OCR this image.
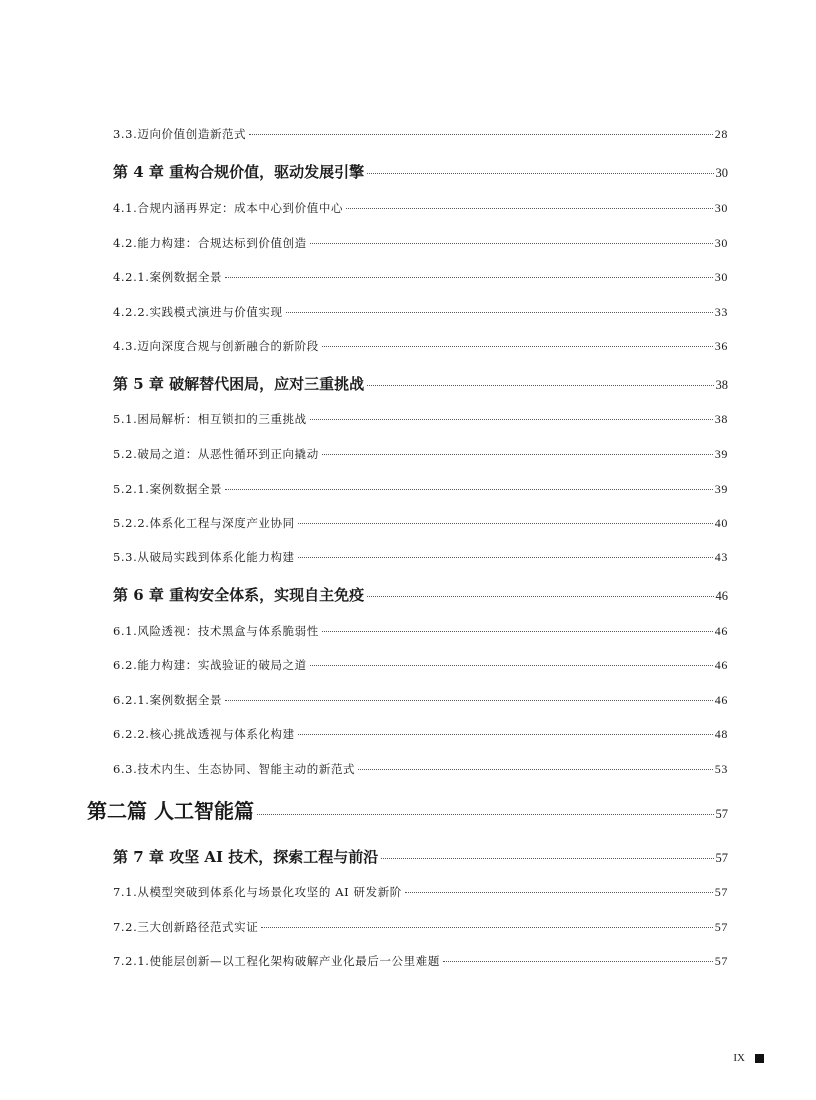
3.3.迈向价值创造新范式	28
第 4 章 重构合规价值，驱动发展引擎	30
4.1.合规内涵再界定：成本中心到价值中心	30
4.2.能力构建：合规达标到价值创造	30
4.2.1.案例数据全景	30
4.2.2.实践模式演进与价值实现	33
4.3.迈向深度合规与创新融合的新阶段	36
第 5 章 破解替代困局，应对三重挑战	38
5.1.困局解析：相互锁扣的三重挑战	38
5.2.破局之道：从恶性循环到正向撬动	39
5.2.1.案例数据全景	39
5.2.2.体系化工程与深度产业协同	40
5.3.从破局实践到体系化能力构建	43
第 6 章 重构安全体系，实现自主免疫	46
6.1.风险透视：技术黑盒与体系脆弱性	46
6.2.能力构建：实战验证的破局之道	46
6.2.1.案例数据全景	46
6.2.2.核心挑战透视与体系化构建	48
6.3.技术内生、生态协同、智能主动的新范式	53
第二篇 人工智能篇	57
第 7 章 攻坚 AI 技术，探索工程与前沿	57
7.1.从模型突破到体系化与场景化攻坚的 AI 研发新阶	57
7.2.三大创新路径范式实证	57
7.2.1.使能层创新—以工程化架构破解产业化最后一公里难题	57
IX
